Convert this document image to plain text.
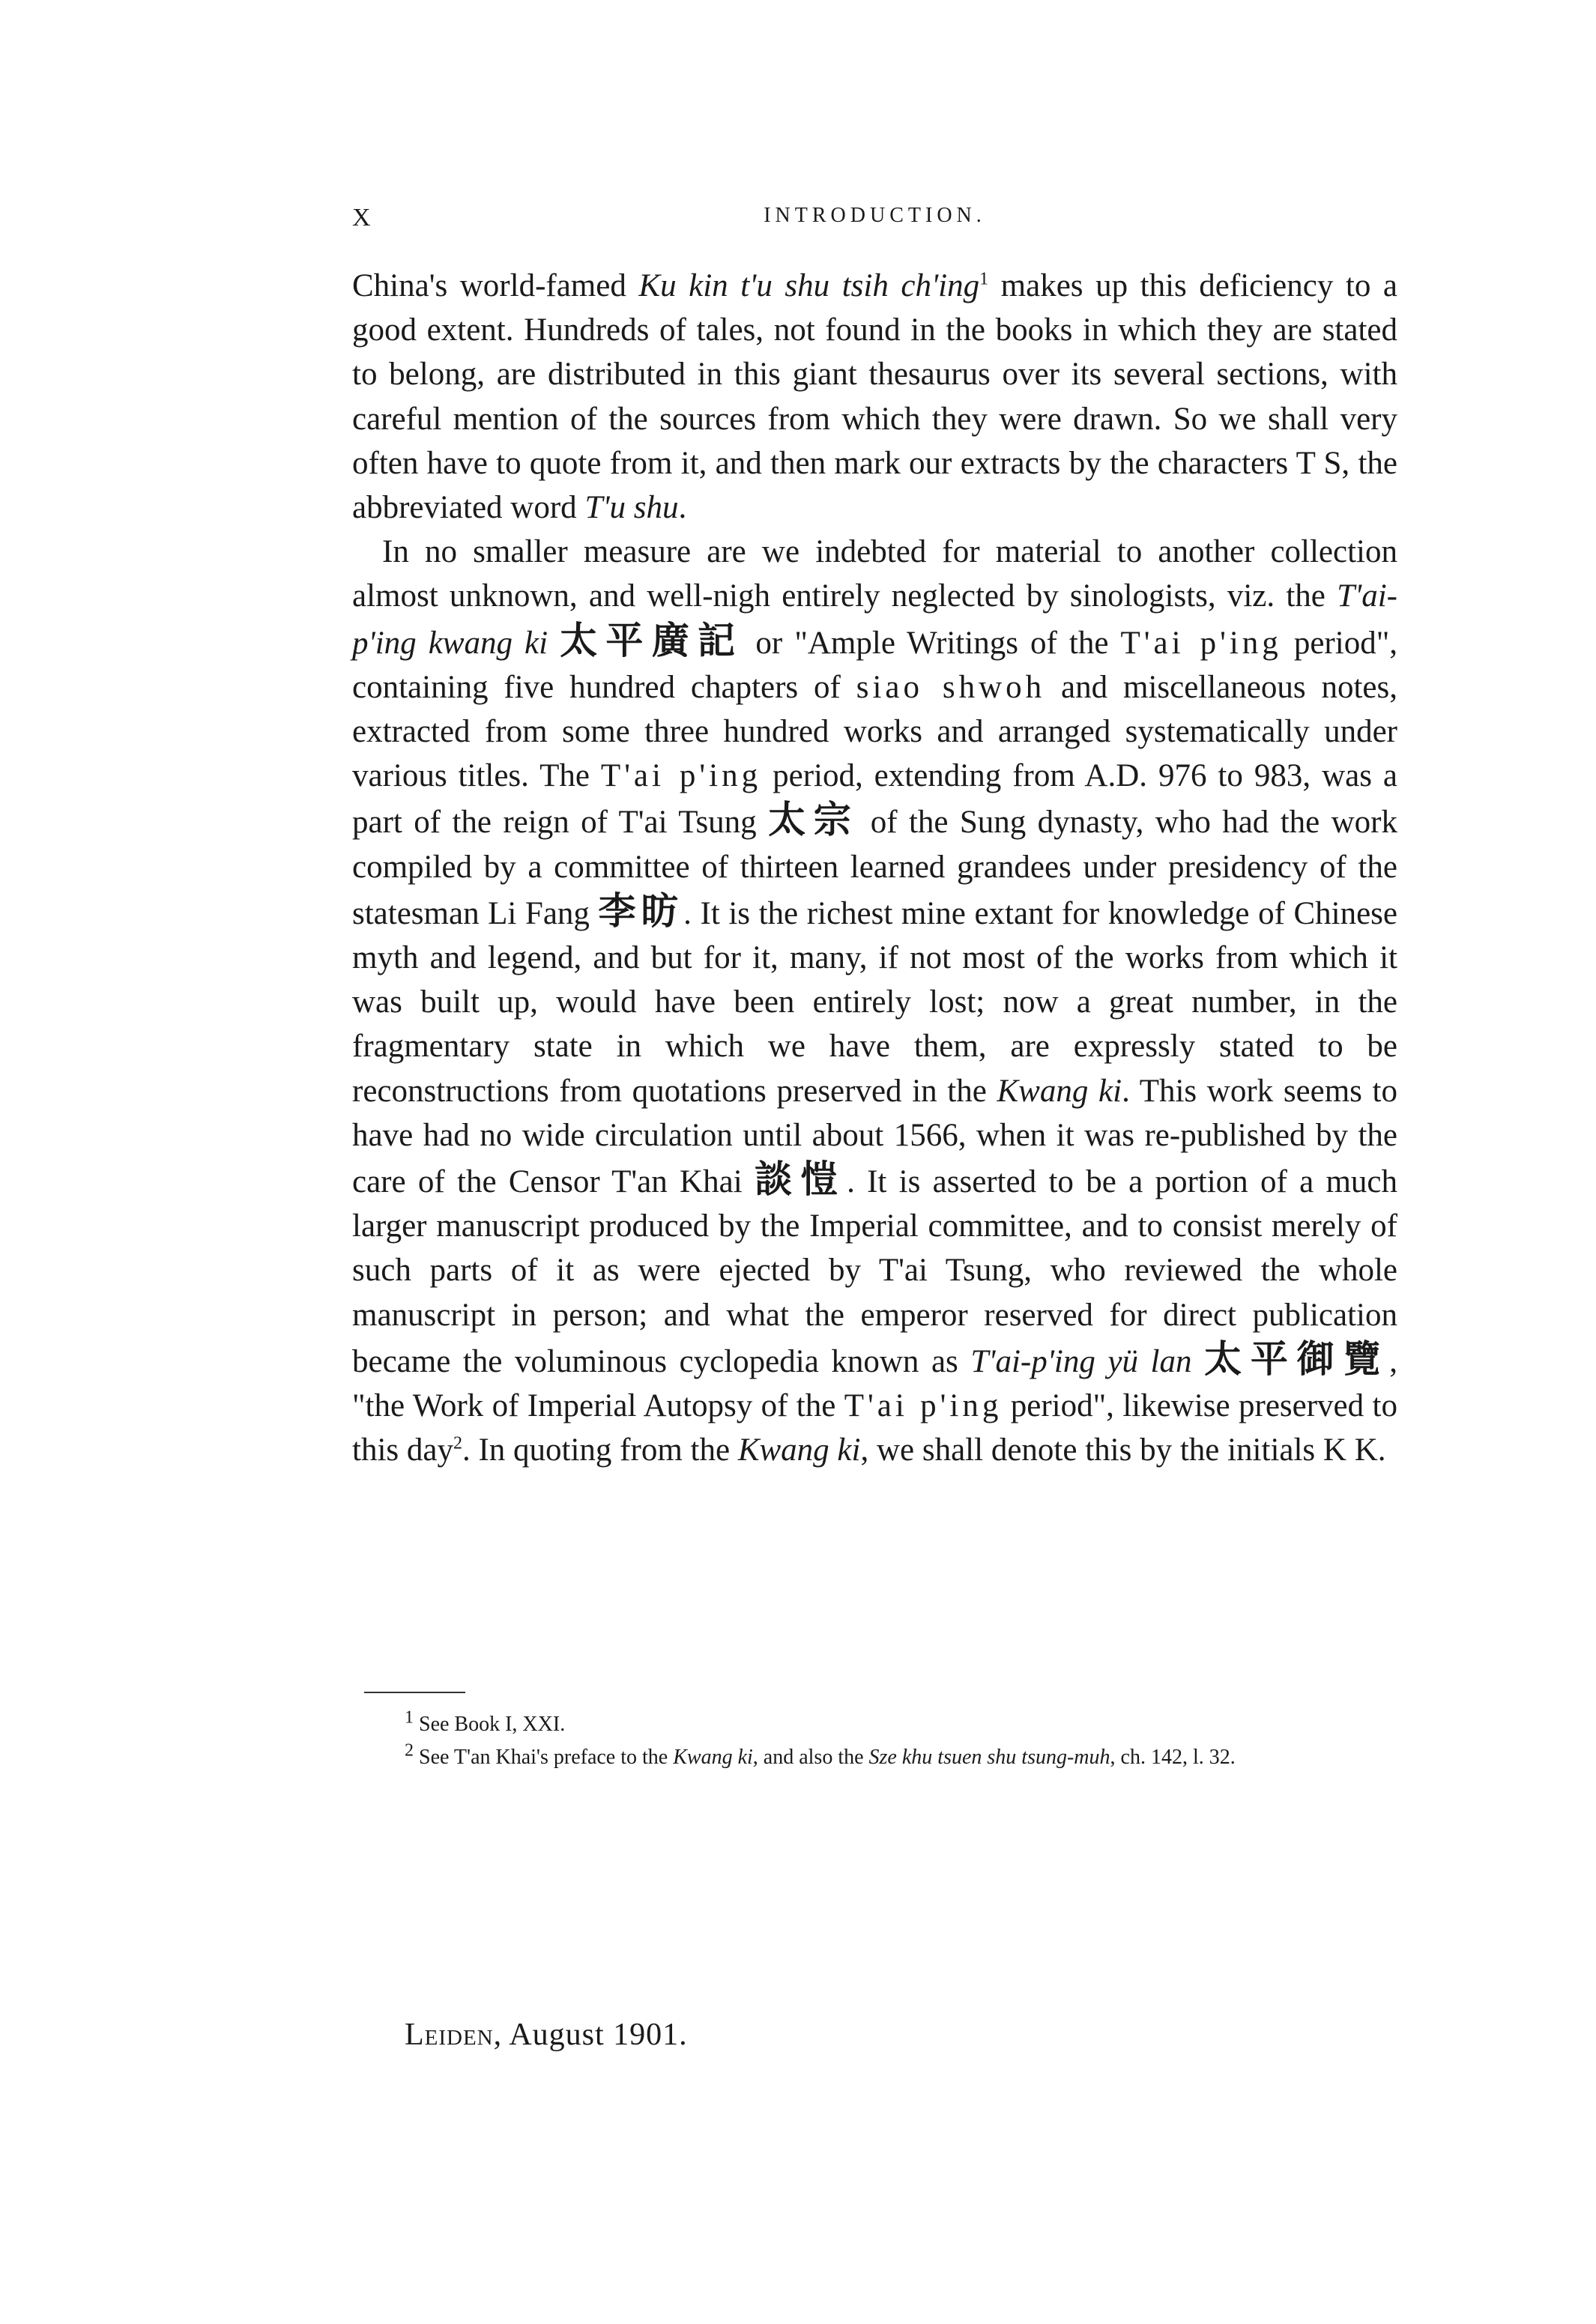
X	INTRODUCTION.

China's world-famed Ku kin t'u shu tsih ch'ing$^1$ makes up this deficiency to a good extent. Hundreds of tales, not found in the books in which they are stated to belong, are distributed in this giant thesaurus over its several sections, with careful mention of the sources from which they were drawn. So we shall very often have to quote from it, and then mark our extracts by the characters T S, the abbreviated word T'u shu.

In no smaller measure are we indebted for material to another collection almost unknown, and well-nigh entirely neglected by sinologists, viz. the T'ai-p'ing kwang ki 太平廣記 or "Ample Writings of the T'ai p'ing period", containing five hundred chapters of siao shwoh and miscellaneous notes, extracted from some three hundred works and arranged systematically under various titles. The T'ai p'ing period, extending from A.D. 976 to 983, was a part of the reign of T'ai Tsung 太宗 of the Sung dynasty, who had the work compiled by a committee of thirteen learned grandees under presidency of the statesman Li Fang 李昉. It is the richest mine extant for knowledge of Chinese myth and legend, and but for it, many, if not most of the works from which it was built up, would have been entirely lost; now a great number, in the fragmentary state in which we have them, are expressly stated to be reconstructions from quotations preserved in the Kwang ki. This work seems to have had no wide circulation until about 1566, when it was re-published by the care of the Censor T'an Khai 談愷. It is asserted to be a portion of a much larger manuscript produced by the Imperial committee, and to consist merely of such parts of it as were ejected by T'ai Tsung, who reviewed the whole manuscript in person; and what the emperor reserved for direct publication became the voluminous cyclopedia known as T'ai-p'ing yü lan 太平御覽, "the Work of Imperial Autopsy of the T'ai p'ing period", likewise preserved to this day$^2$. In quoting from the Kwang ki, we shall denote this by the initials K K.

$^1$ See Book I, XXI.

$^2$ See T'an Khai's preface to the Kwang ki, and also the Sze khu tsuen shu tsung-muh, ch. 142, l. 32.

Leiden, August 1901.
